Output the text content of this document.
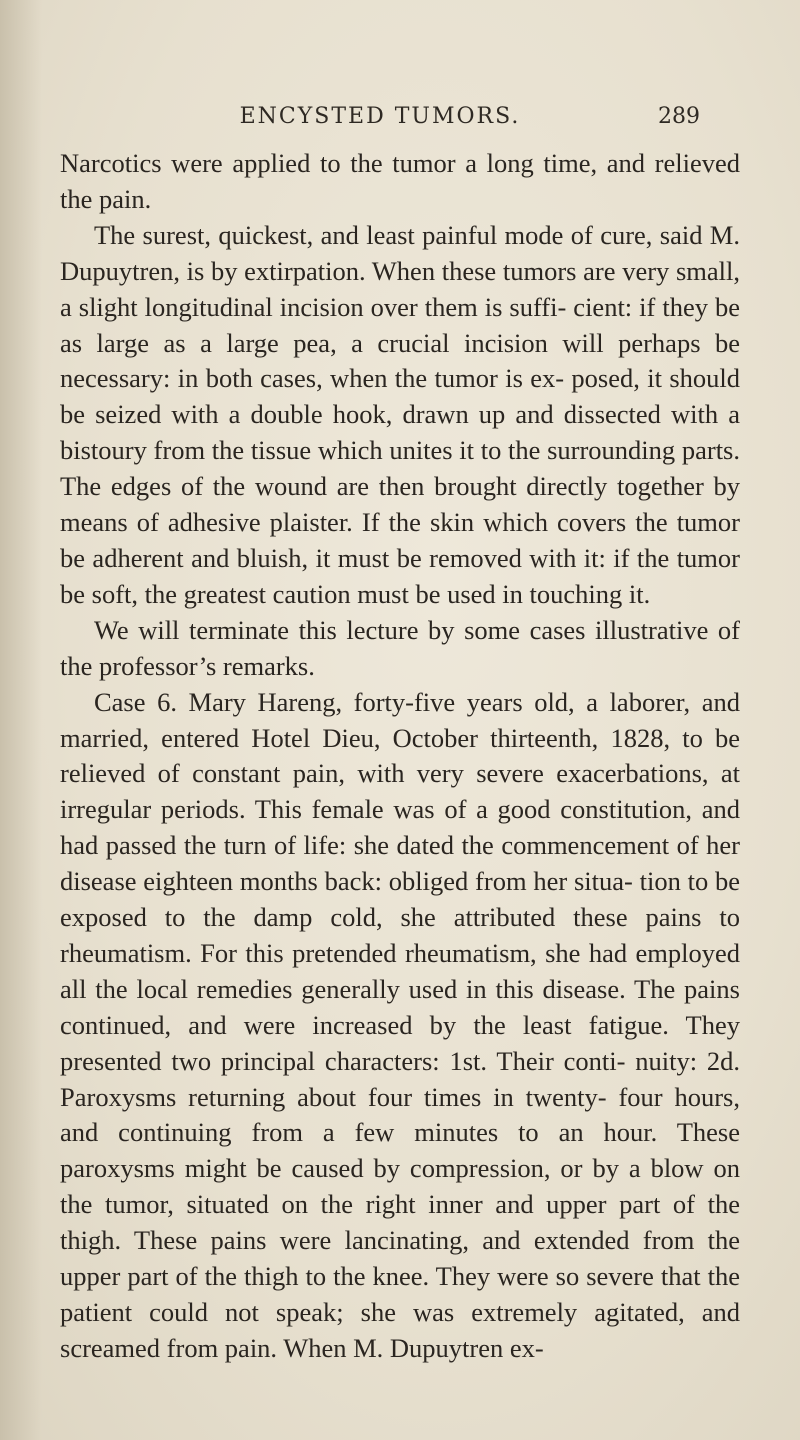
ENCYSTED TUMORS.	289

Narcotics were applied to the tumor a long time, and relieved the pain.

The surest, quickest, and least painful mode of cure, said M. Dupuytren, is by extirpation. When these tumors are very small, a slight longitudinal incision over them is suffi- cient: if they be as large as a large pea, a crucial incision will perhaps be necessary: in both cases, when the tumor is ex- posed, it should be seized with a double hook, drawn up and dissected with a bistoury from the tissue which unites it to the surrounding parts. The edges of the wound are then brought directly together by means of adhesive plaister. If the skin which covers the tumor be adherent and bluish, it must be removed with it: if the tumor be soft, the greatest caution must be used in touching it.

We will terminate this lecture by some cases illustrative of the professor’s remarks.

Case 6. Mary Hareng, forty-five years old, a laborer, and married, entered Hotel Dieu, October thirteenth, 1828, to be relieved of constant pain, with very severe exacerbations, at irregular periods. This female was of a good constitution, and had passed the turn of life: she dated the commencement of her disease eighteen months back: obliged from her situa- tion to be exposed to the damp cold, she attributed these pains to rheumatism. For this pretended rheumatism, she had employed all the local remedies generally used in this disease. The pains continued, and were increased by the least fatigue. They presented two principal characters: 1st. Their conti- nuity: 2d. Paroxysms returning about four times in twenty- four hours, and continuing from a few minutes to an hour. These paroxysms might be caused by compression, or by a blow on the tumor, situated on the right inner and upper part of the thigh. These pains were lancinating, and extended from the upper part of the thigh to the knee. They were so severe that the patient could not speak; she was extremely agitated, and screamed from pain. When M. Dupuytren ex-
